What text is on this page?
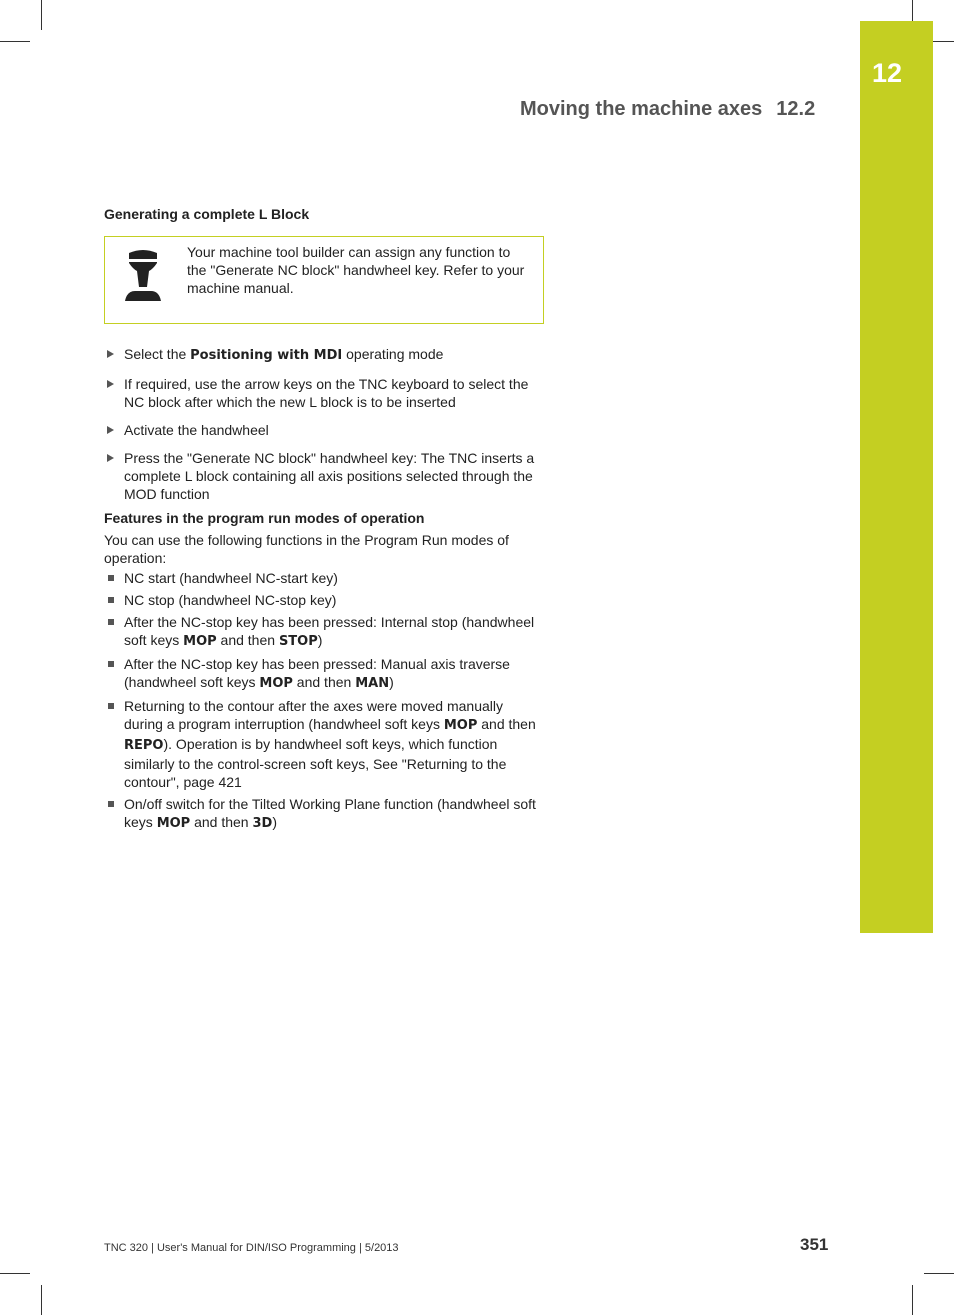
12
Moving the machine axes 12.2
Generating a complete L Block
Your machine tool builder can assign any function to the "Generate NC block" handwheel key. Refer to your machine manual.
Select the Positioning with MDI operating mode
If required, use the arrow keys on the TNC keyboard to select the NC block after which the new L block is to be inserted
Activate the handwheel
Press the "Generate NC block" handwheel key: The TNC inserts a complete L block containing all axis positions selected through the MOD function
Features in the program run modes of operation

You can use the following functions in the Program Run modes of operation:

NC start (handwheel NC-start key)
NC stop (handwheel NC-stop key)
After the NC-stop key has been pressed: Internal stop (handwheel soft keys MOP and then STOP)
After the NC-stop key has been pressed: Manual axis traverse (handwheel soft keys MOP and then MAN)
Returning to the contour after the axes were moved manually during a program interruption (handwheel soft keys MOP and then REPO). Operation is by handwheel soft keys, which function similarly to the control-screen soft keys, See "Returning to the contour", page 421
On/off switch for the Tilted Working Plane function (handwheel soft keys MOP and then 3D)
TNC 320 | User's Manual for DIN/ISO Programming | 5/2013	351
